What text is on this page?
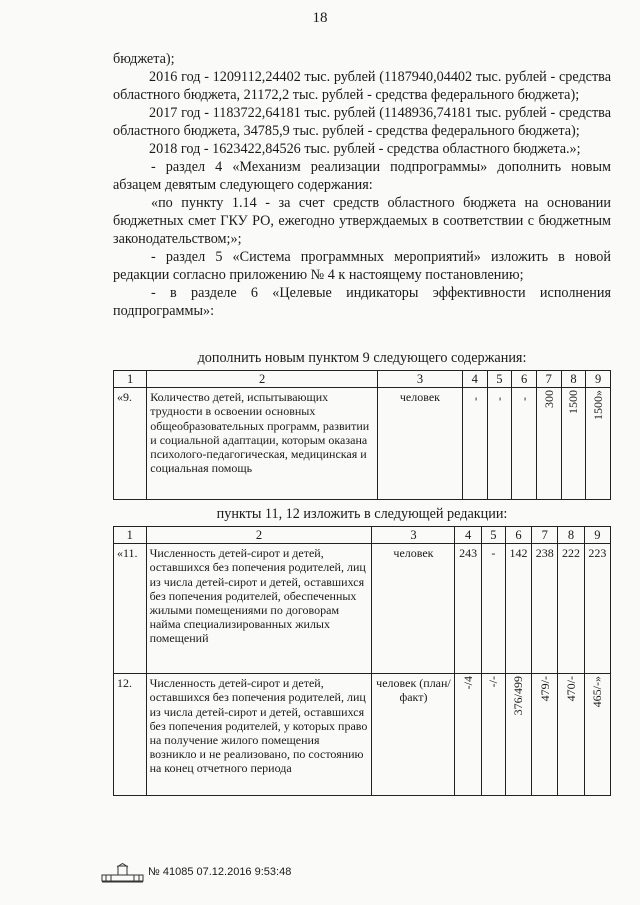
18

бюджета);

2016 год - 1209112,24402 тыс. рублей (1187940,04402 тыс. рублей - средства областного бюджета, 21172,2 тыс. рублей - средства федерального бюджета);

2017 год - 1183722,64181 тыс. рублей (1148936,74181 тыс. рублей - средства областного бюджета, 34785,9 тыс. рублей - средства федерального бюджета);

2018 год - 1623422,84526 тыс. рублей - средства областного бюджета.»;

- раздел 4 «Механизм реализации подпрограммы» дополнить новым абзацем девятым следующего содержания:

«по пункту 1.14 - за счет средств областного бюджета на основании бюджетных смет ГКУ РО, ежегодно утверждаемых в соответствии с бюджетным законодательством;»;

- раздел 5 «Система программных мероприятий» изложить в новой редакции согласно приложению № 4 к настоящему постановлению;

- в разделе 6 «Целевые индикаторы эффективности исполнения подпрограммы»:

дополнить новым пунктом 9 следующего содержания:
1	2	3	4	5	6	7	8	9
«9.	Количество детей, испытывающих трудности в освоении основных общеобразовательных программ, развитии и социальной адаптации, которым оказана психолого-педагогическая, медицинская и социальная помощь	человек	-	-	-	300	1500	1500»
пункты 11, 12 изложить в следующей редакции:
1	2	3	4	5	6	7	8	9
«11.	Численность детей-сирот и детей, оставшихся без попечения родителей, лиц из числа детей-сирот и детей, оставшихся без попечения родителей, обеспеченных жилыми помещениями по договорам найма специализированных жилых помещений	человек	243	-	142	238	222	223
12.	Численность детей-сирот и детей, оставшихся без попечения родителей, лиц из числа детей-сирот и детей, оставшихся без попечения родителей, у которых право на получение жилого помещения возникло и не реализовано, по состоянию на конец отчетного периода	человек (план/факт)	-/4	-/-	376/499	479/-	470/-	465/-»
№ 41085 07.12.2016 9:53:48
